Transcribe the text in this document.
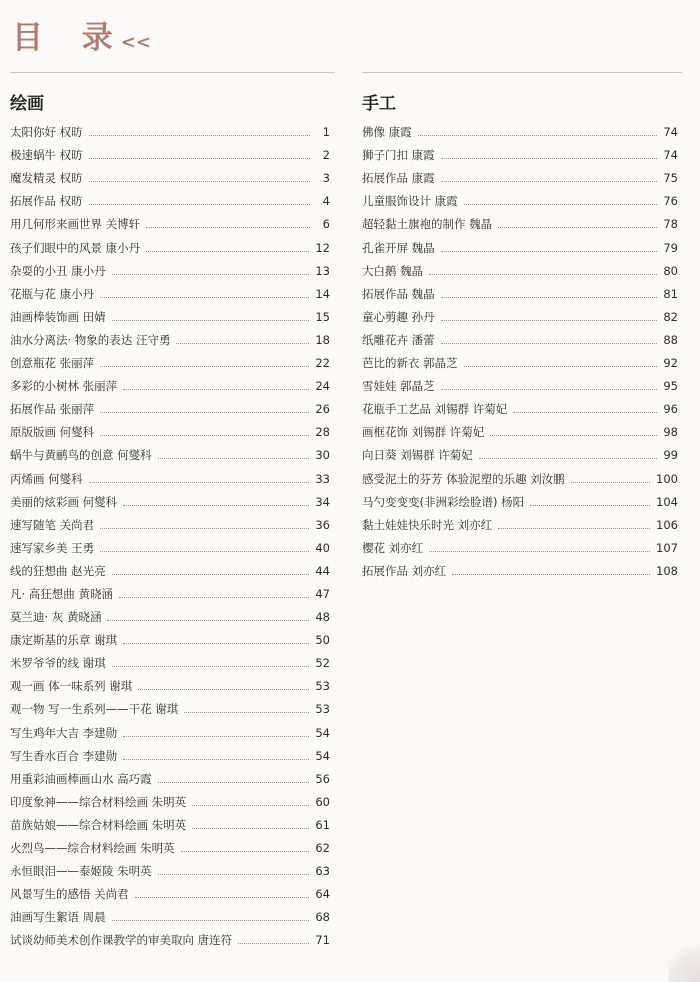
目 录
<<
绘画
太阳你好 权昉	1
极速蜗牛 权昉	2
魔发精灵 权昉	3
拓展作品 权昉	4
用几何形来画世界 关博轩	6
孩子们眼中的风景 康小丹	12
杂耍的小丑 康小丹	13
花瓶与花 康小丹	14
油画棒装饰画 田婧	15
油水分离法· 物象的表达 汪守勇	18
创意瓶花 张丽萍	22
多彩的小树林 张丽萍	24
拓展作品 张丽萍	26
原版版画 何燮科	28
蜗牛与黄鹂鸟的创意 何燮科	30
丙烯画 何燮科	33
美丽的炫彩画 何燮科	34
速写随笔 关尚君	36
速写家乡美 王勇	40
线的狂想曲 赵光亮	44
凡· 高狂想曲 黄晓涵	47
莫兰迪· 灰 黄晓涵	48
康定斯基的乐章 谢琪	50
米罗爷爷的线 谢琪	52
观一画 体一味系列 谢琪	53
观一物 写一生系列——干花 谢琪	53
写生鸡年大吉 李建勋	54
写生香水百合 李建勋	54
用重彩油画棒画山水 高巧霞	56
印度象神——综合材料绘画 朱明英	60
苗族姑娘——综合材料绘画 朱明英	61
火烈鸟——综合材料绘画 朱明英	62
永恒眼泪——泰姬陵 朱明英	63
风景写生的感悟 关尚君	64
油画写生絮语 周晨	68
试谈幼师美术创作课教学的审美取向 唐连符	71
手工
佛像 康霞	74
狮子门扣 康霞	74
拓展作品 康霞	75
儿童服饰设计 康霞	76
超轻黏土旗袍的制作 魏晶	78
孔雀开屏 魏晶	79
大白鹅 魏晶	80
拓展作品 魏晶	81
童心剪趣 孙丹	82
纸雕花卉 潘蕾	88
芭比的新衣 郭晶芝	92
雪娃娃 郭晶芝	95
花瓶手工艺品 刘锡群 许菊妃	96
画框花饰 刘锡群 许菊妃	98
向日葵 刘锡群 许菊妃	99
感受泥土的芬芳 体验泥塑的乐趣 刘汝鹏	100
马勺变变变(非洲彩绘脸谱) 杨阳	104
黏土娃娃快乐时光 刘亦红	106
樱花 刘亦红	107
拓展作品 刘亦红	108
